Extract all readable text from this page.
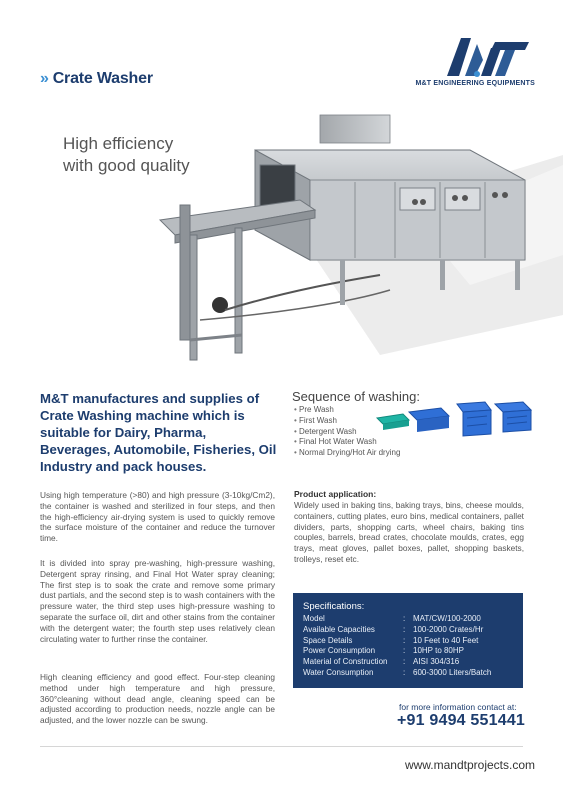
» Crate Washer	M&T ENGINEERING EQUIPMENTS
High efficiency
with good quality
M&T manufactures and supplies of Crate Washing machine which is suitable for Dairy, Pharma, Beverages, Automobile, Fisheries, Oil Industry and pack houses.
Sequence of washing:
• Pre Wash
• First Wash
• Detergent Wash
• Final Hot Water Wash
• Normal Drying/Hot Air drying

Using high temperature (>80) and high pressure (3-10kg/Cm2), the container is washed and sterilized in four steps, and then the high-efficiency air-drying system is used to quickly remove the surface moisture of the container and reduce the turnover time.

It is divided into spray pre-washing, high-pressure washing, Detergent spray rinsing, and Final Hot Water spray cleaning; The first step is to soak the crate and remove some primary dust partials, and the second step is to wash containers with the pressure water, the third step uses high-pressure washing to separate the surface oil, dirt and other stains from the container with the detergent water; the fourth step uses relatively clean circulating water to further rinse the container.

High cleaning efficiency and good effect. Four-step cleaning method under high temperature and high pressure, 360°cleaning without dead angle, cleaning speed can be adjusted according to production needs, nozzle angle can be adjusted, and the lower nozzle can be swung.

Product application:

Widely used in baking tins, baking trays, bins, cheese moulds, containers, cutting plates, euro bins, medical containers, pallet dividers, parts, shopping carts, wheel chairs, baking tins couples, barrels, bread crates, chocolate moulds, crates, egg trays, meat gloves, pallet boxes, pallet, shopping baskets, trolleys, reset etc.

Specifications:
Model	: MAT/CW/100-2000
Available Capacities	: 100-2000 Crates/Hr
Space Details	: 10 Feet to 40 Feet
Power Consumption	: 10HP to 80HP
Material of Construction	: AISI 304/316
Water Consumption	: 600-3000 Liters/Batch
for more information contact at:
+91 9494 551441
www.mandtprojects.com
